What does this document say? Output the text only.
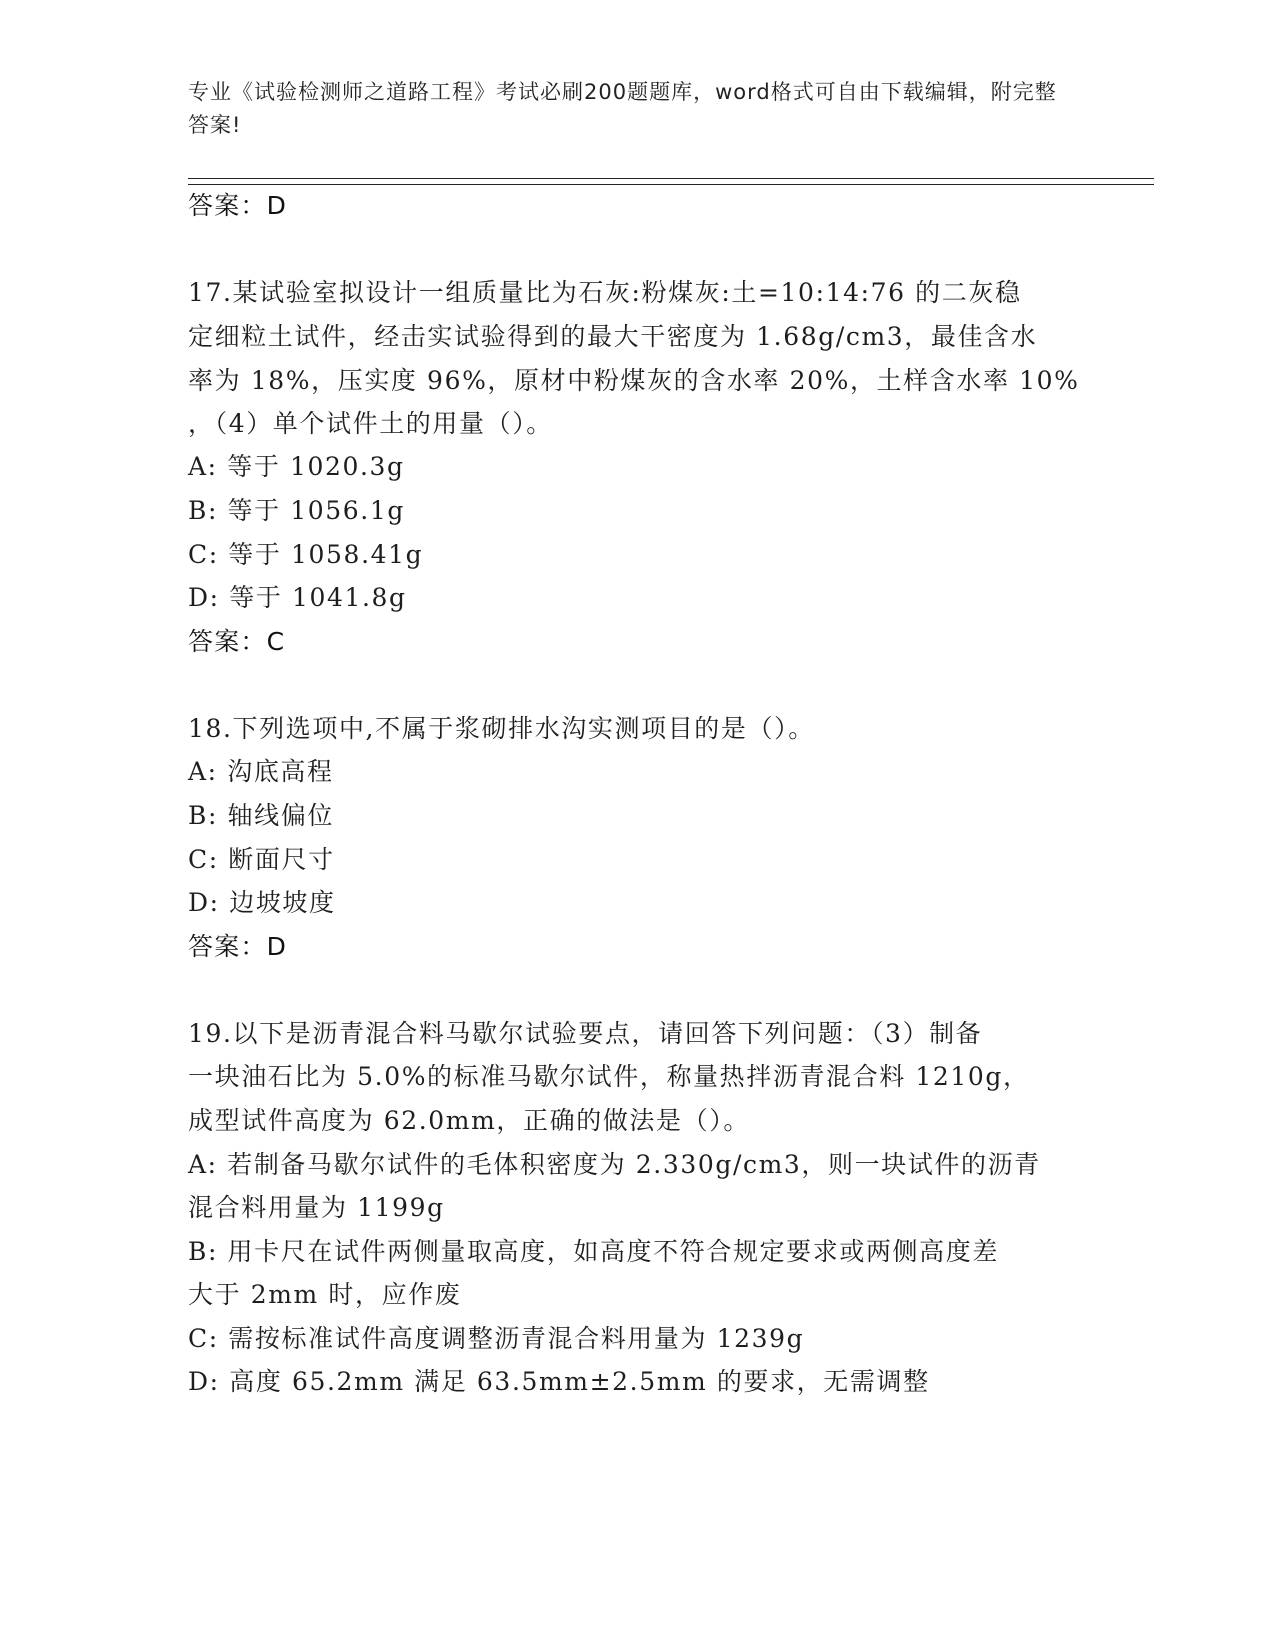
专业《试验检测师之道路工程》考试必刷200题题库，word格式可自由下载编辑，附完整答案!
答案：D
17.某试验室拟设计一组质量比为石灰:粉煤灰:土=10:14:76 的二灰稳
定细粒土试件，经击实试验得到的最大干密度为 1.68g/cm3，最佳含水
率为 18%，压实度 96%，原材中粉煤灰的含水率 20%，土样含水率 10%
，（4）单个试件土的用量（）。
A: 等于 1020.3g
B: 等于 1056.1g
C: 等于 1058.41g
D: 等于 1041.8g
答案：C
18.下列选项中,不属于浆砌排水沟实测项目的是（）。
A: 沟底高程
B: 轴线偏位
C: 断面尺寸
D: 边坡坡度
答案：D
19.以下是沥青混合料马歇尔试验要点，请回答下列问题：（3）制备
一块油石比为 5.0%的标准马歇尔试件，称量热拌沥青混合料 1210g，
成型试件高度为 62.0mm，正确的做法是（）。
A: 若制备马歇尔试件的毛体积密度为 2.330g/cm3，则一块试件的沥青
混合料用量为 1199g
B: 用卡尺在试件两侧量取高度，如高度不符合规定要求或两侧高度差
大于 2mm 时，应作废
C: 需按标准试件高度调整沥青混合料用量为 1239g
D: 高度 65.2mm 满足 63.5mm±2.5mm 的要求，无需调整
